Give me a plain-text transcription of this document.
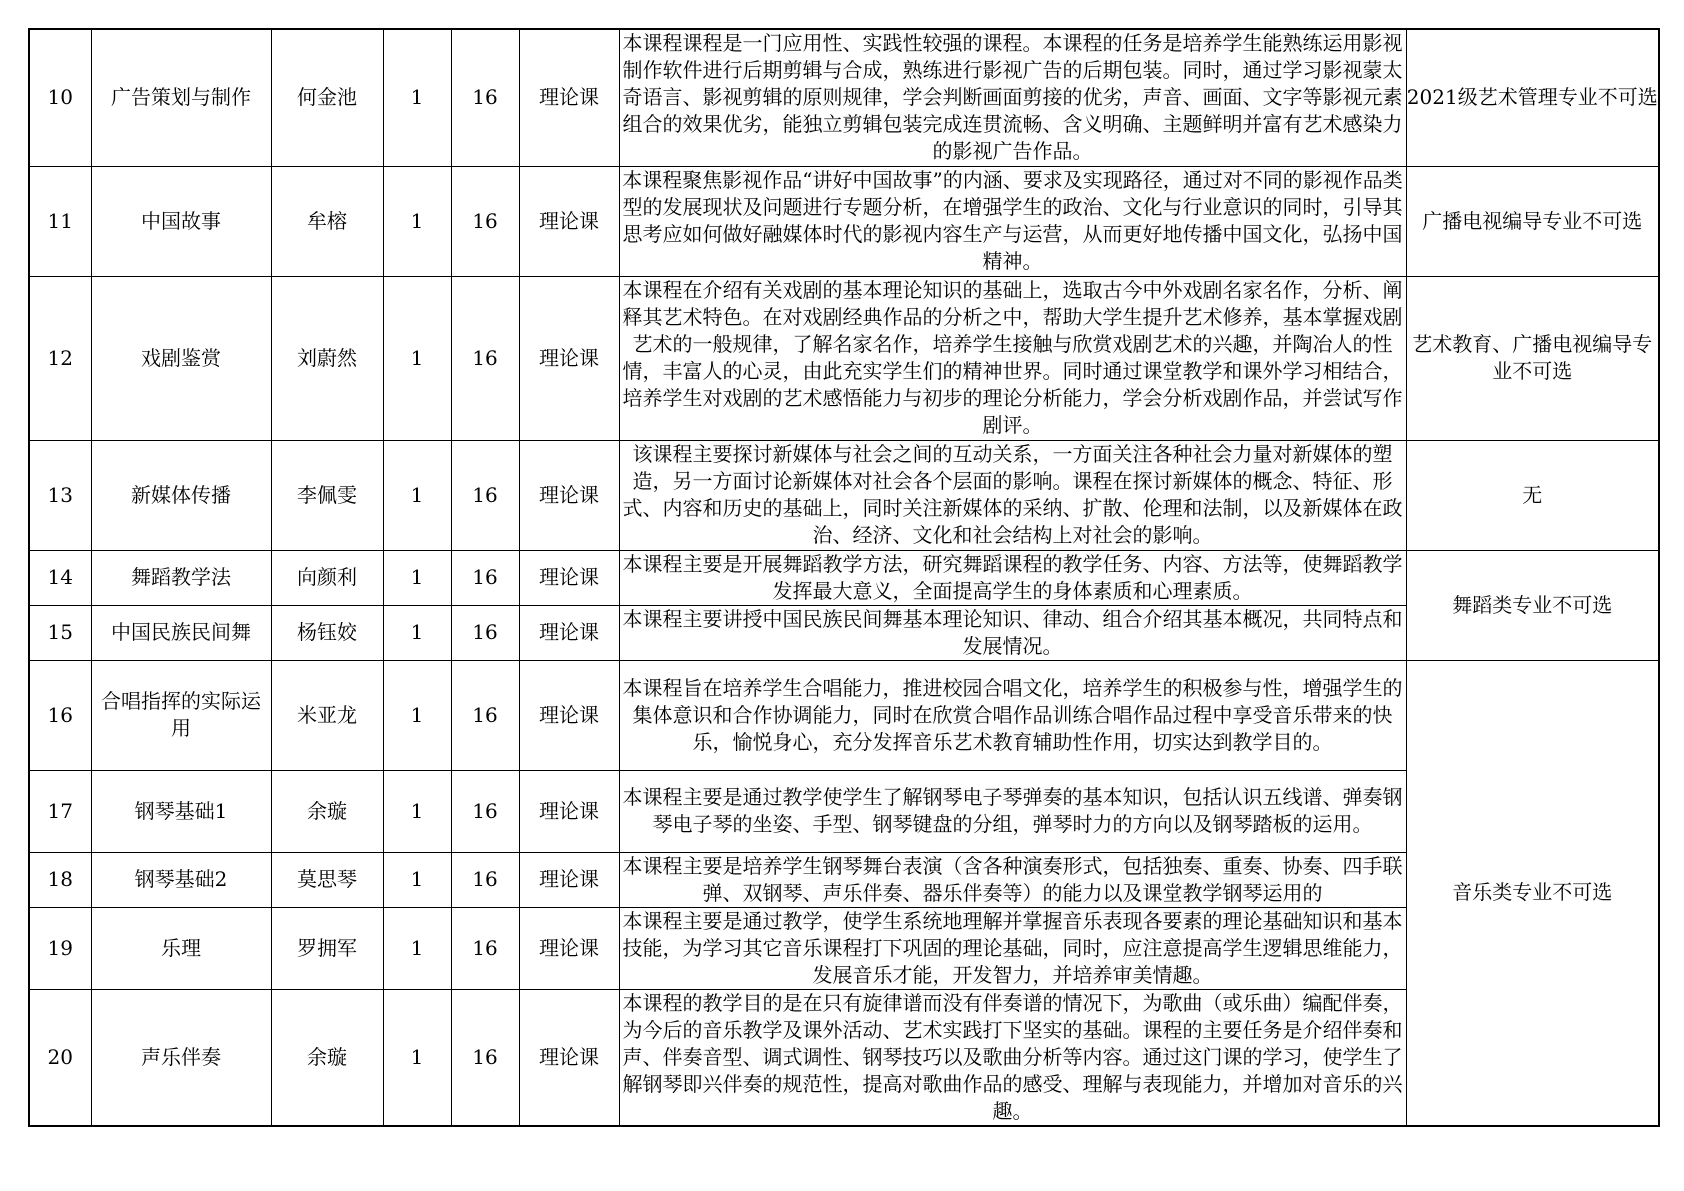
10	广告策划与制作	何金池	1	16	理论课	本课程课程是一门应用性、实践性较强的课程。本课程的任务是培养学生能熟练运用影视制作软件进行后期剪辑与合成，熟练进行影视广告的后期包装。同时，通过学习影视蒙太奇语言、影视剪辑的原则规律，学会判断画面剪接的优劣，声音、画面、文字等影视元素组合的效果优劣，能独立剪辑包装完成连贯流畅、含义明确、主题鲜明并富有艺术感染力的影视广告作品。	2021级艺术管理专业不可选
11	中国故事	牟榕	1	16	理论课	本课程聚焦影视作品“讲好中国故事”的内涵、要求及实现路径，通过对不同的影视作品类型的发展现状及问题进行专题分析，在增强学生的政治、文化与行业意识的同时，引导其思考应如何做好融媒体时代的影视内容生产与运营，从而更好地传播中国文化，弘扬中国精神。	广播电视编导专业不可选
12	戏剧鉴赏	刘蔚然	1	16	理论课	本课程在介绍有关戏剧的基本理论知识的基础上，选取古今中外戏剧名家名作，分析、阐释其艺术特色。在对戏剧经典作品的分析之中，帮助大学生提升艺术修养，基本掌握戏剧艺术的一般规律，了解名家名作，培养学生接触与欣赏戏剧艺术的兴趣，并陶冶人的性情，丰富人的心灵，由此充实学生们的精神世界。同时通过课堂教学和课外学习相结合，培养学生对戏剧的艺术感悟能力与初步的理论分析能力，学会分析戏剧作品，并尝试写作剧评。	艺术教育、广播电视编导专业不可选
13	新媒体传播	李佩雯	1	16	理论课	该课程主要探讨新媒体与社会之间的互动关系，一方面关注各种社会力量对新媒体的塑造，另一方面讨论新媒体对社会各个层面的影响。课程在探讨新媒体的概念、特征、形式、内容和历史的基础上，同时关注新媒体的采纳、扩散、伦理和法制，以及新媒体在政治、经济、文化和社会结构上对社会的影响。	无
14	舞蹈教学法	向颜利	1	16	理论课	本课程主要是开展舞蹈教学方法，研究舞蹈课程的教学任务、内容、方法等，使舞蹈教学发挥最大意义，全面提高学生的身体素质和心理素质。	舞蹈类专业不可选
15	中国民族民间舞	杨钰姣	1	16	理论课	本课程主要讲授中国民族民间舞基本理论知识、律动、组合介绍其基本概况，共同特点和发展情况。	

16	合唱指挥的实际运用	米亚龙	1	16	理论课	本课程旨在培养学生合唱能力，推进校园合唱文化，培养学生的积极参与性，增强学生的集体意识和合作协调能力，同时在欣赏合唱作品训练合唱作品过程中享受音乐带来的快乐，愉悦身心，充分发挥音乐艺术教育辅助性作用，切实达到教学目的。	音乐类专业不可选
17	钢琴基础1	余璇	1	16	理论课	本课程主要是通过教学使学生了解钢琴电子琴弹奏的基本知识，包括认识五线谱、弹奏钢琴电子琴的坐姿、手型、钢琴键盘的分组，弹琴时力的方向以及钢琴踏板的运用。	

18	钢琴基础2	莫思琴	1	16	理论课	本课程主要是培养学生钢琴舞台表演（含各种演奏形式，包括独奏、重奏、协奏、四手联弹、双钢琴、声乐伴奏、器乐伴奏等）的能力以及课堂教学钢琴运用的	

19	乐理	罗拥军	1	16	理论课	本课程主要是通过教学，使学生系统地理解并掌握音乐表现各要素的理论基础知识和基本技能，为学习其它音乐课程打下巩固的理论基础，同时，应注意提高学生逻辑思维能力，发展音乐才能，开发智力，并培养审美情趣。	

20	声乐伴奏	余璇	1	16	理论课	本课程的教学目的是在只有旋律谱而没有伴奏谱的情况下，为歌曲（或乐曲）编配伴奏，为今后的音乐教学及课外活动、艺术实践打下坚实的基础。课程的主要任务是介绍伴奏和声、伴奏音型、调式调性、钢琴技巧以及歌曲分析等内容。通过这门课的学习，使学生了解钢琴即兴伴奏的规范性，提高对歌曲作品的感受、理解与表现能力，并增加对音乐的兴趣。	
